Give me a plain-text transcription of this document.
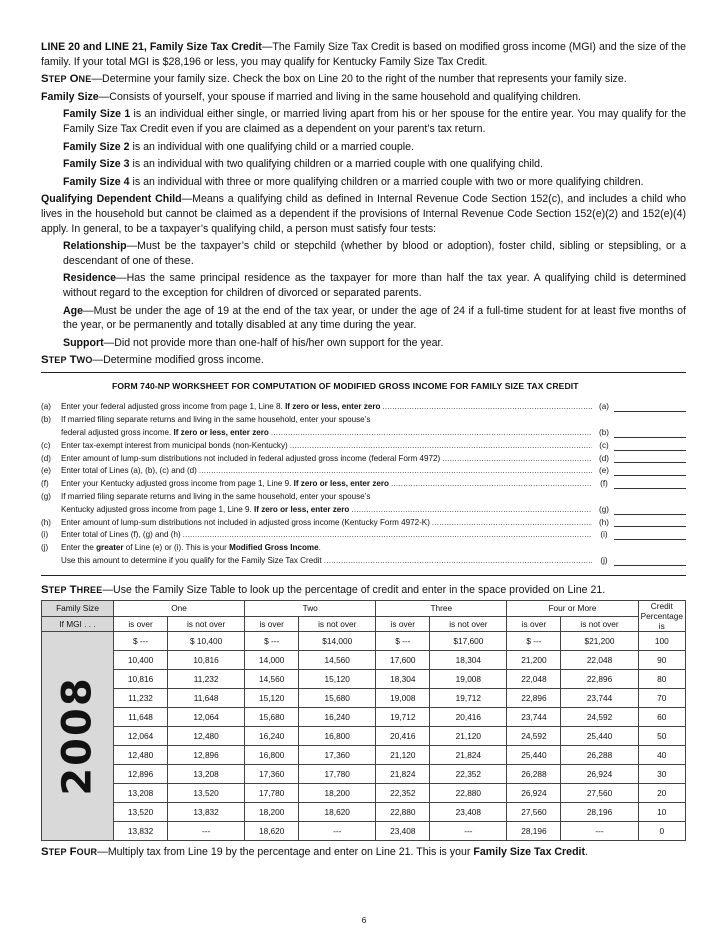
LINE 20 and LINE 21, Family Size Tax Credit—The Family Size Tax Credit is based on modified gross income (MGI) and the size of the family. If your total MGI is $28,196 or less, you may qualify for Kentucky Family Size Tax Credit.

STEP ONE—Determine your family size. Check the box on Line 20 to the right of the number that represents your family size.

Family Size—Consists of yourself, your spouse if married and living in the same household and qualifying children.

Family Size 1 is an individual either single, or married living apart from his or her spouse for the entire year. You may qualify for the Family Size Tax Credit even if you are claimed as a dependent on your parent’s tax return.

Family Size 2 is an individual with one qualifying child or a married couple.

Family Size 3 is an individual with two qualifying children or a married couple with one qualifying child.

Family Size 4 is an individual with three or more qualifying children or a married couple with two or more qualifying children.

Qualifying Dependent Child—Means a qualifying child as defined in Internal Revenue Code Section 152(c), and includes a child who lives in the household but cannot be claimed as a dependent if the provisions of Internal Revenue Code Section 152(e)(2) and 152(e)(4) apply. In general, to be a taxpayer’s qualifying child, a person must satisfy four tests:

Relationship—Must be the taxpayer’s child or stepchild (whether by blood or adoption), foster child, sibling or stepsibling, or a descendant of one of these.

Residence—Has the same principal residence as the taxpayer for more than half the tax year. A qualifying child is determined without regard to the exception for children of divorced or separated parents.

Age—Must be under the age of 19 at the end of the tax year, or under the age of 24 if a full-time student for at least five months of the year, or be permanently and totally disabled at any time during the year.

Support—Did not provide more than one-half of his/her own support for the year.

STEP TWO—Determine modified gross income.

FORM 740-NP WORKSHEET FOR COMPUTATION OF MODIFIED GROSS INCOME FOR FAMILY SIZE TAX CREDIT
(a)	Enter your federal adjusted gross income from page 1, Line 8. If zero or less, enter zero .....	(a)
(b)	If married filing separate returns and living in the same household, enter your spouse’s
federal adjusted gross income. If zero or less, enter zero .....	(b)
(c)	Enter tax-exempt interest from municipal bonds (non-Kentucky) .....	(c)
(d)	Enter amount of lump-sum distributions not included in federal adjusted gross income (federal Form 4972) .....	(d)
(e)	Enter total of Lines (a), (b), (c) and (d) .....	(e)
(f)	Enter your Kentucky adjusted gross income from page 1, Line 9. If zero or less, enter zero .....	(f)
(g)	If married filing separate returns and living in the same household, enter your spouse’s
Kentucky adjusted gross income from page 1, Line 9. If zero or less, enter zero .....	(g)
(h)	Enter amount of lump-sum distributions not included in adjusted gross income (Kentucky Form 4972-K) .....	(h)
(i)	Enter total of Lines (f), (g) and (h) .....	(i)
(j)	Enter the greater of Line (e) or (i). This is your Modified Gross Income.
Use this amount to determine if you qualify for the Family Size Tax Credit .....	(j)

STEP THREE—Use the Family Size Table to look up the percentage of credit and enter in the space provided on Line 21.

Family Size	One		Two		Three		Four or More		Credit Percentage is
If MGI . . .	is over	is not over	is over	is not over	is over	is not over	is over	is not over	

2008	$ ---	$ 10,400	$ ---	$14,000	$ ---	$17,600	$ ---	$21,200	100
	10,400	10,816	14,000	14,560	17,600	18,304	21,200	22,048	90
	10,816	11,232	14,560	15,120	18,304	19,008	22,048	22,896	80
	11,232	11,648	15,120	15,680	19,008	19,712	22,896	23,744	70
	11,648	12,064	15,680	16,240	19,712	20,416	23,744	24,592	60
	12,064	12,480	16,240	16,800	20,416	21,120	24,592	25,440	50
	12,480	12,896	16,800	17,360	21,120	21,824	25,440	26,288	40
	12,896	13,208	17,360	17,780	21,824	22,352	26,288	26,924	30
	13,208	13,520	17,780	18,200	22,352	22,880	26,924	27,560	20
	13,520	13,832	18,200	18,620	22,880	23,408	27,560	28,196	10
	13,832	---	18,620	---	23,408	---	28,196	---	0

STEP FOUR—Multiply tax from Line 19 by the percentage and enter on Line 21. This is your Family Size Tax Credit.

6
